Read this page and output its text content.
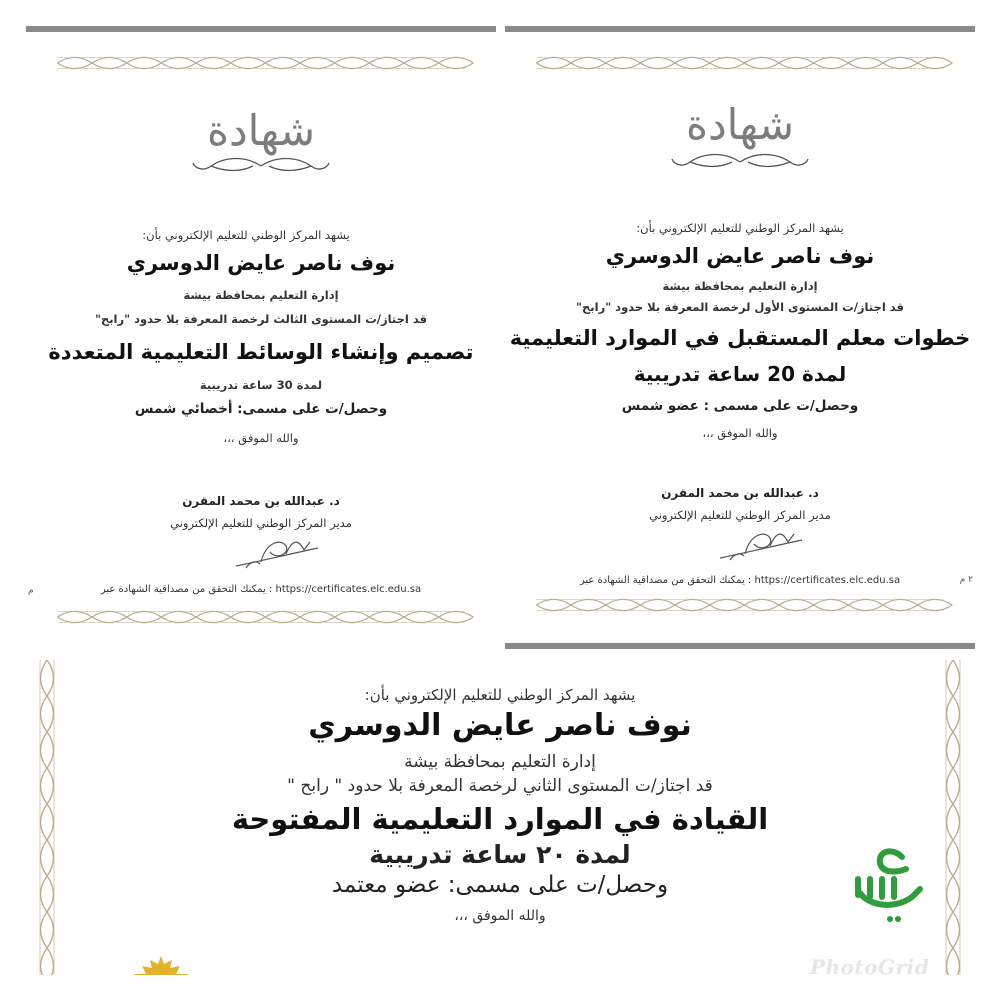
شهادة
يشهد المركز الوطني للتعليم الإلكتروني بأن:
نوف ناصر عايض الدوسري
إدارة التعليم بمحافظة بيشة
قد اجتاز/ت المستوى الثالث لرخصة المعرفة بلا حدود "رابح"
تصميم وإنشاء الوسائط التعليمية المتعددة
لمدة 30 ساعة تدريبية
وحصل/ت على مسمى: أخصائي شمس
والله الموفق ،،،
د. عبدالله بن محمد المقرن
مدير المركز الوطني للتعليم الإلكتروني
يمكنك التحقق من مصداقية الشهادة عبر : https://certificates.elc.edu.sa
م
شهادة
يشهد المركز الوطني للتعليم الإلكتروني بأن:
نوف ناصر عايض الدوسري
إدارة التعليم بمحافظة بيشة
قد اجتاز/ت المستوى الأول لرخصة المعرفة بلا حدود "رابح"
خطوات معلم المستقبل في الموارد التعليمية
لمدة 20 ساعة تدريبية
وحصل/ت على مسمى : عضو شمس
والله الموفق ،،،
د. عبدالله بن محمد المقرن
مدير المركز الوطني للتعليم الإلكتروني
يمكنك التحقق من مصداقية الشهادة عبر : https://certificates.elc.edu.sa	٢ م
يشهد المركز الوطني للتعليم الإلكتروني بأن:
نوف ناصر عايض الدوسري
إدارة التعليم بمحافظة بيشة
قد اجتاز/ت المستوى الثاني لرخصة المعرفة بلا حدود " رابح "
القيادة في الموارد التعليمية المفتوحة
لمدة ٢٠ ساعة تدريبية
وحصل/ت على مسمى: عضو معتمد
والله الموفق ،،،
PhotoGrid
